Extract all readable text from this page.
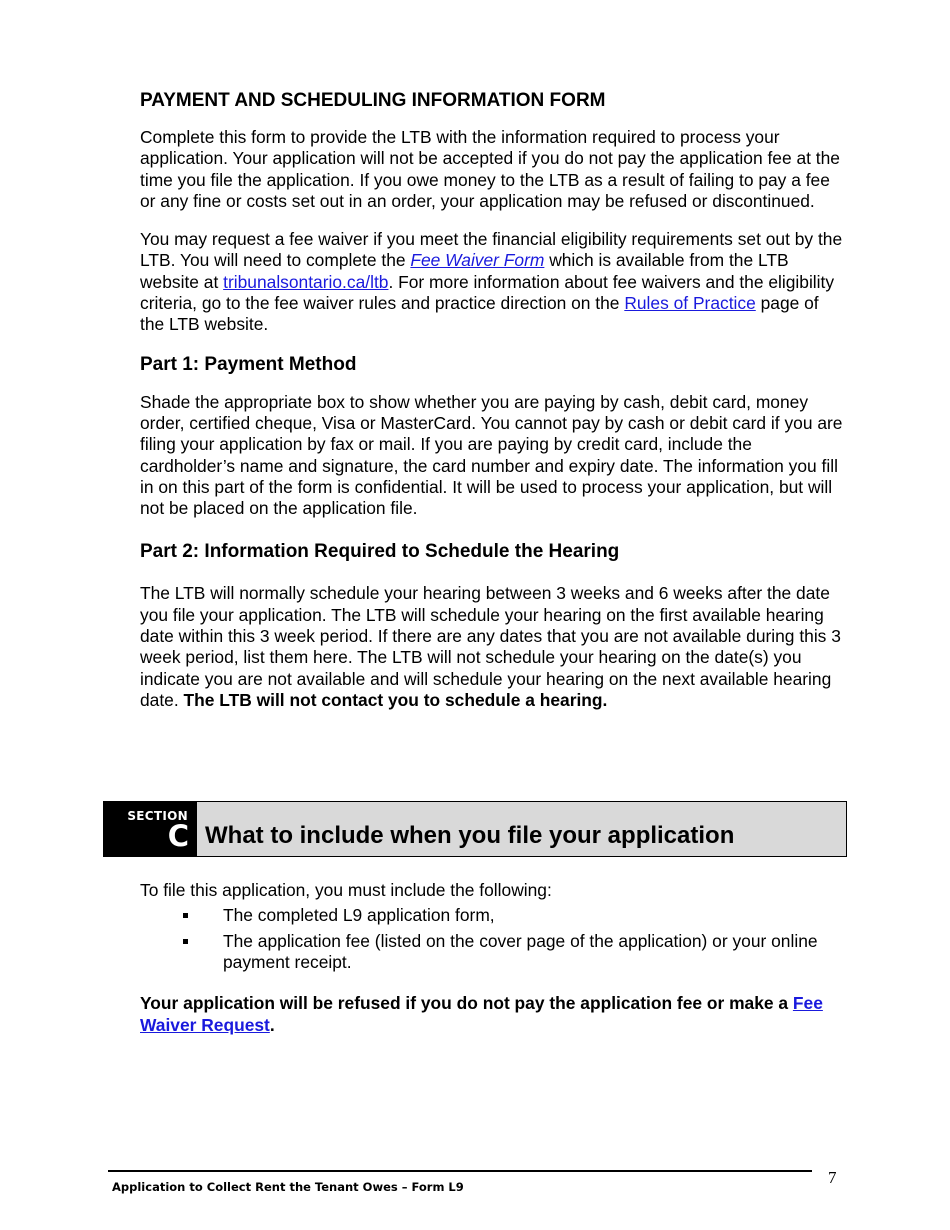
PAYMENT AND SCHEDULING INFORMATION FORM

Complete this form to provide the LTB with the information required to process your application. Your application will not be accepted if you do not pay the application fee at the time you file the application. If you owe money to the LTB as a result of failing to pay a fee or any fine or costs set out in an order, your application may be refused or discontinued.

You may request a fee waiver if you meet the financial eligibility requirements set out by the LTB. You will need to complete the Fee Waiver Form which is available from the LTB website at tribunalsontario.ca/ltb. For more information about fee waivers and the eligibility criteria, go to the fee waiver rules and practice direction on the Rules of Practice page of the LTB website.

Part 1: Payment Method

Shade the appropriate box to show whether you are paying by cash, debit card, money order, certified cheque, Visa or MasterCard. You cannot pay by cash or debit card if you are filing your application by fax or mail. If you are paying by credit card, include the cardholder’s name and signature, the card number and expiry date. The information you fill in on this part of the form is confidential. It will be used to process your application, but will not be placed on the application file.

Part 2: Information Required to Schedule the Hearing

The LTB will normally schedule your hearing between 3 weeks and 6 weeks after the date you file your application. The LTB will schedule your hearing on the first available hearing date within this 3 week period. If there are any dates that you are not available during this 3 week period, list them here. The LTB will not schedule your hearing on the date(s) you indicate you are not available and will schedule your hearing on the next available hearing date. The LTB will not contact you to schedule a hearing.

SECTION
C What to include when you file your application

To file this application, you must include the following:

The completed L9 application form,
The application fee (listed on the cover page of the application) or your online payment receipt.

Your application will be refused if you do not pay the application fee or make a Fee Waiver Request.

Application to Collect Rent the Tenant Owes – Form L9	7
